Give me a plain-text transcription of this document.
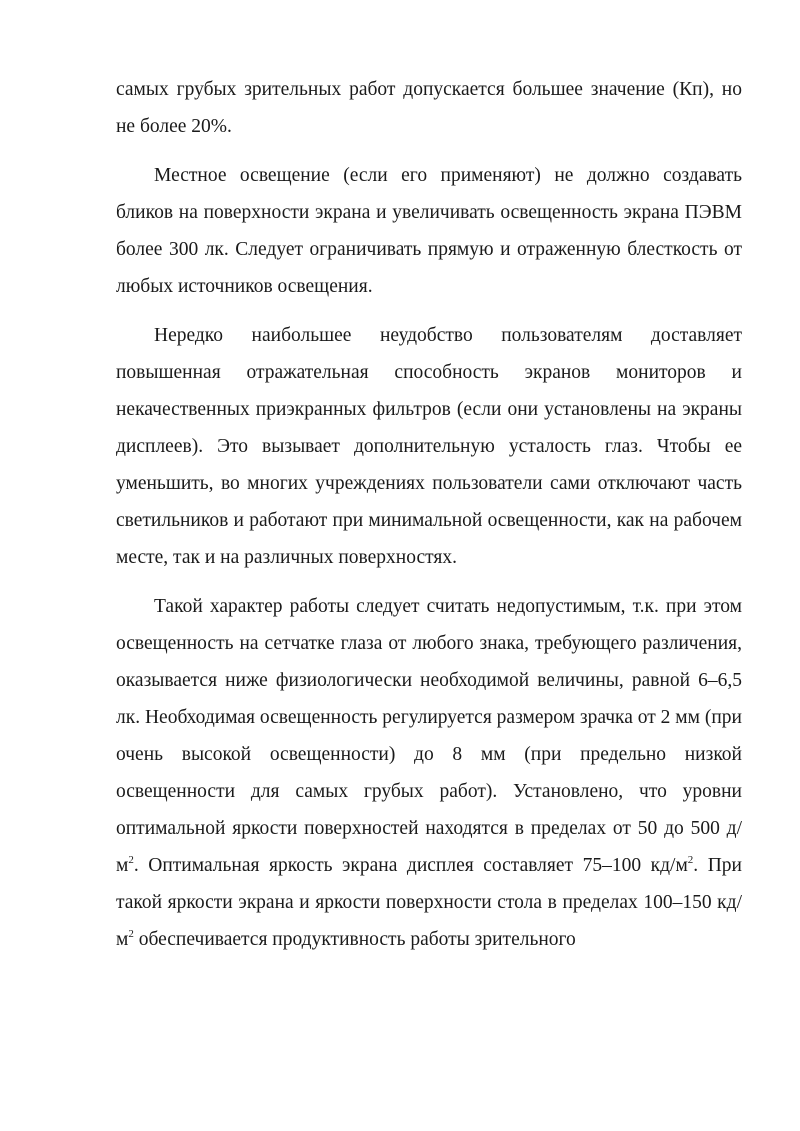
самых грубых зрительных работ допускается большее значение (Кп), но не более 20%.

Местное освещение (если его применяют) не должно создавать бликов на поверхности экрана и увеличивать освещенность экрана ПЭВМ более 300 лк. Следует ограничивать прямую и отраженную блесткость от любых источников освещения.

Нередко наибольшее неудобство пользователям доставляет повышенная отражательная способность экранов мониторов и некачественных приэкранных фильтров (если они установлены на экраны дисплеев). Это вызывает дополнительную усталость глаз. Чтобы ее уменьшить, во многих учреждениях пользователи сами отключают часть светильников и работают при минимальной освещенности, как на рабочем месте, так и на различных поверхностях.

Такой характер работы следует считать недопустимым, т.к. при этом освещенность на сетчатке глаза от любого знака, требующего различения, оказывается ниже физиологически необходимой величины, равной 6–6,5 лк. Необходимая освещенность регулируется размером зрачка от 2 мм (при очень высокой освещенности) до 8 мм (при предельно низкой освещенности для самых грубых работ). Установлено, что уровни оптимальной яркости поверхностей находятся в пределах от 50 до 500 $д/м^2$. Оптимальная яркость экрана дисплея составляет 75–100 $кд/м^2$. При такой яркости экрана и яркости поверхности стола в пределах 100–150 $кд/м^2$ обеспечивается продуктивность работы зрительного
